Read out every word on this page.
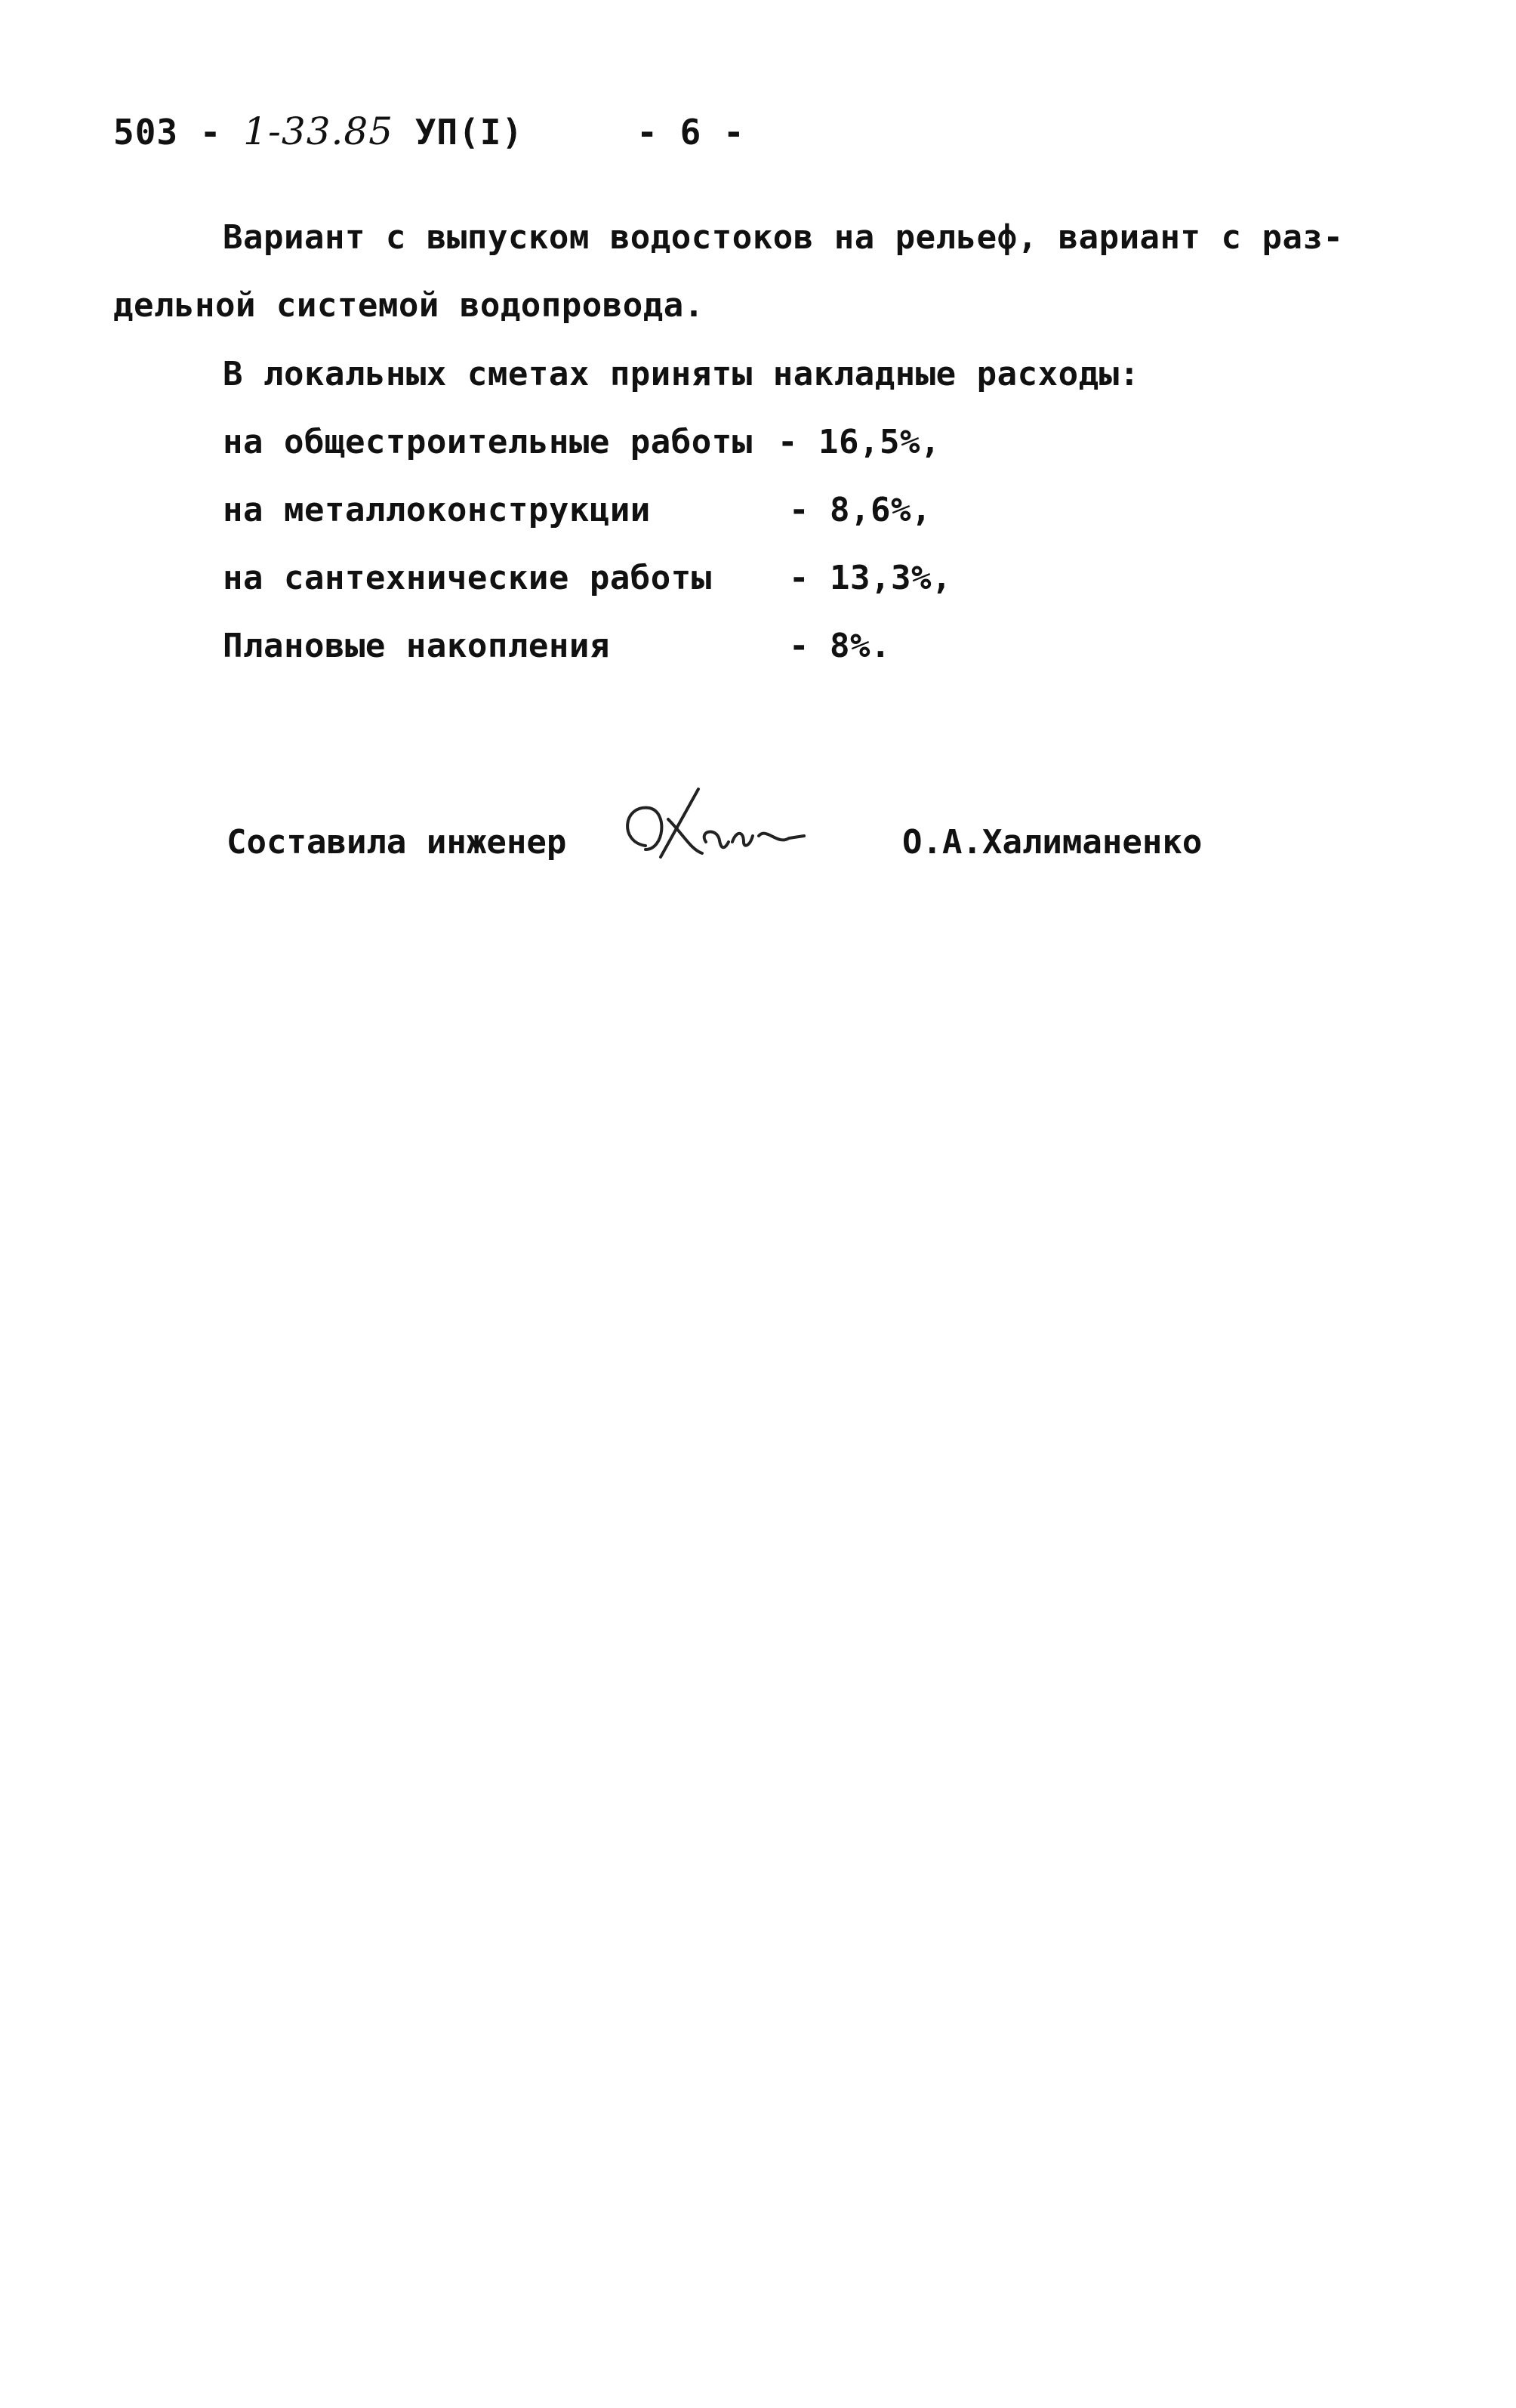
503 - 1-33.85 УП(I)	- 6 -
Вариант с выпуском водостоков на рельеф, вариант с раз-
дельной системой водопровода.
В локальных сметах приняты накладные расходы:
на общестроительные работы - 16,5%,
на металлоконструкции	- 8,6%,
на сантехнические работы - 13,3%,
Плановые накопления	- 8%.
Составила инженер	О.А.Халиманенко
